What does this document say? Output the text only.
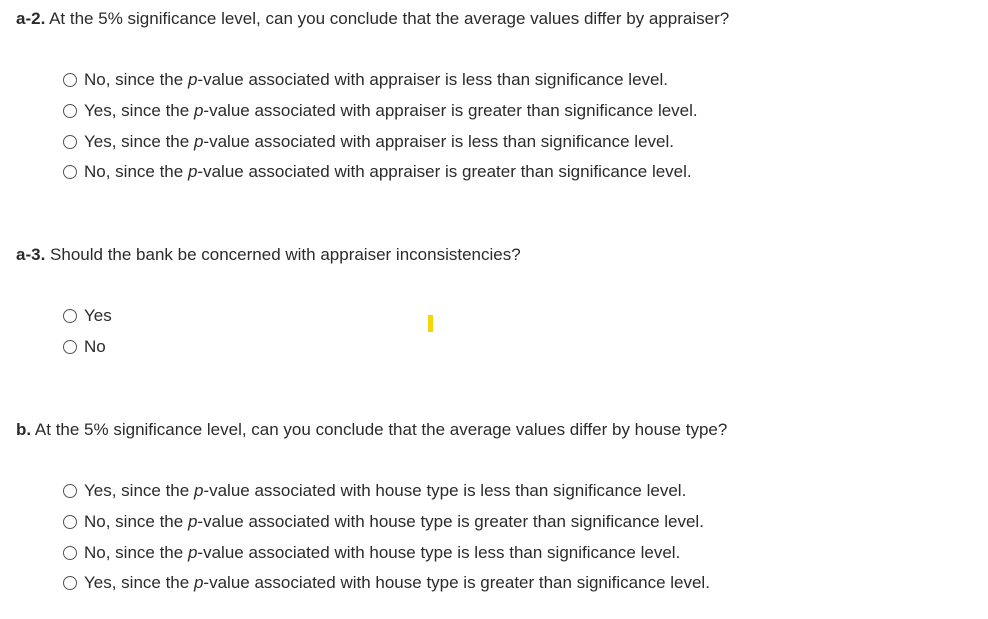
a-2. At the 5% significance level, can you conclude that the average values differ by appraiser?
No, since the p-value associated with appraiser is less than significance level.
Yes, since the p-value associated with appraiser is greater than significance level.
Yes, since the p-value associated with appraiser is less than significance level.
No, since the p-value associated with appraiser is greater than significance level.
a-3. Should the bank be concerned with appraiser inconsistencies?
Yes
No
b. At the 5% significance level, can you conclude that the average values differ by house type?
Yes, since the p-value associated with house type is less than significance level.
No, since the p-value associated with house type is greater than significance level.
No, since the p-value associated with house type is less than significance level.
Yes, since the p-value associated with house type is greater than significance level.
